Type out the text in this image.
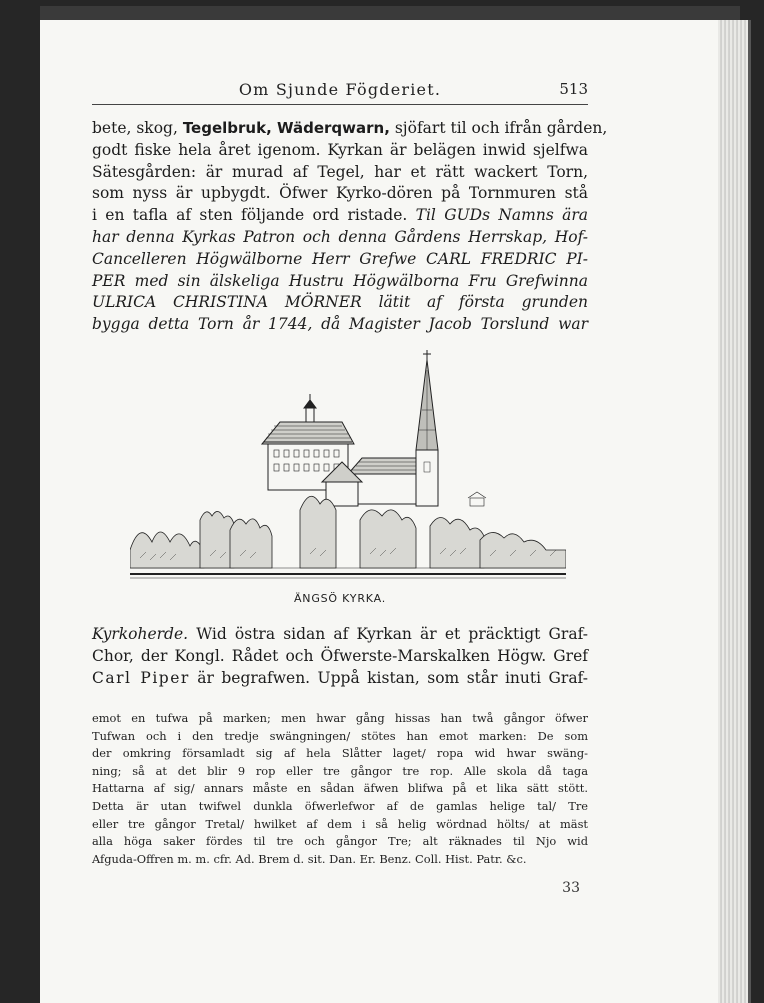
Om Sjunde Fögderiet.	513
bete, skog, Tegelbruk, Wäderqwarn, sjöfart til och ifrån gården,
godt fiske hela året igenom. Kyrkan är belägen inwid sjelfwa
Sätesgården: är murad af Tegel, har et rätt wackert Torn,
som nyss är upbygdt. Öfwer Kyrko-dören på Tornmuren stå
i en tafla af sten följande ord ristade. Til GUDs Namns ära
har denna Kyrkas Patron och denna Gårdens Herrskap, Hof-
Cancelleren Högwälborne Herr Grefwe CARL FREDRIC PI-
PER med sin älskeliga Hustru Högwälborna Fru Grefwinna
ULRICA CHRISTINA MÖRNER lätit af första grunden
bygga detta Torn år 1744, då Magister Jacob Torslund war
ÄNGSÖ KYRKA.
Kyrkoherde. Wid östra sidan af Kyrkan är et präcktigt Graf-
Chor, der Kongl. Rådet och Öfwerste-Marskalken Högw. Gref
Carl Piper är begrafwen. Uppå kistan, som står inuti Graf-
emot en tufwa på marken; men hwar gång hissas han twå gångor öfwer
Tufwan och i den tredje swängningen/ stötes han emot marken: De som
der omkring församladt sig af hela Slåtter laget/ ropa wid hwar swäng-
ning; så at det blir 9 rop eller tre gångor tre rop. Alle skola då taga
Hattarna af sig/ annars måste en sådan äfwen blifwa på et lika sätt stött.
Detta är utan twifwel dunkla öfwerlefwor af de gamlas helige tal/ Tre
eller tre gångor Tretal/ hwilket af dem i så helig wördnad hölts/ at mäst
alla höga saker fördes til tre och gångor Tre; alt räknades til Njo wid
Afguda-Offren m. m. cfr. Ad. Brem d. sit. Dan. Er. Benz. Coll. Hist. Patr. &c.
33
